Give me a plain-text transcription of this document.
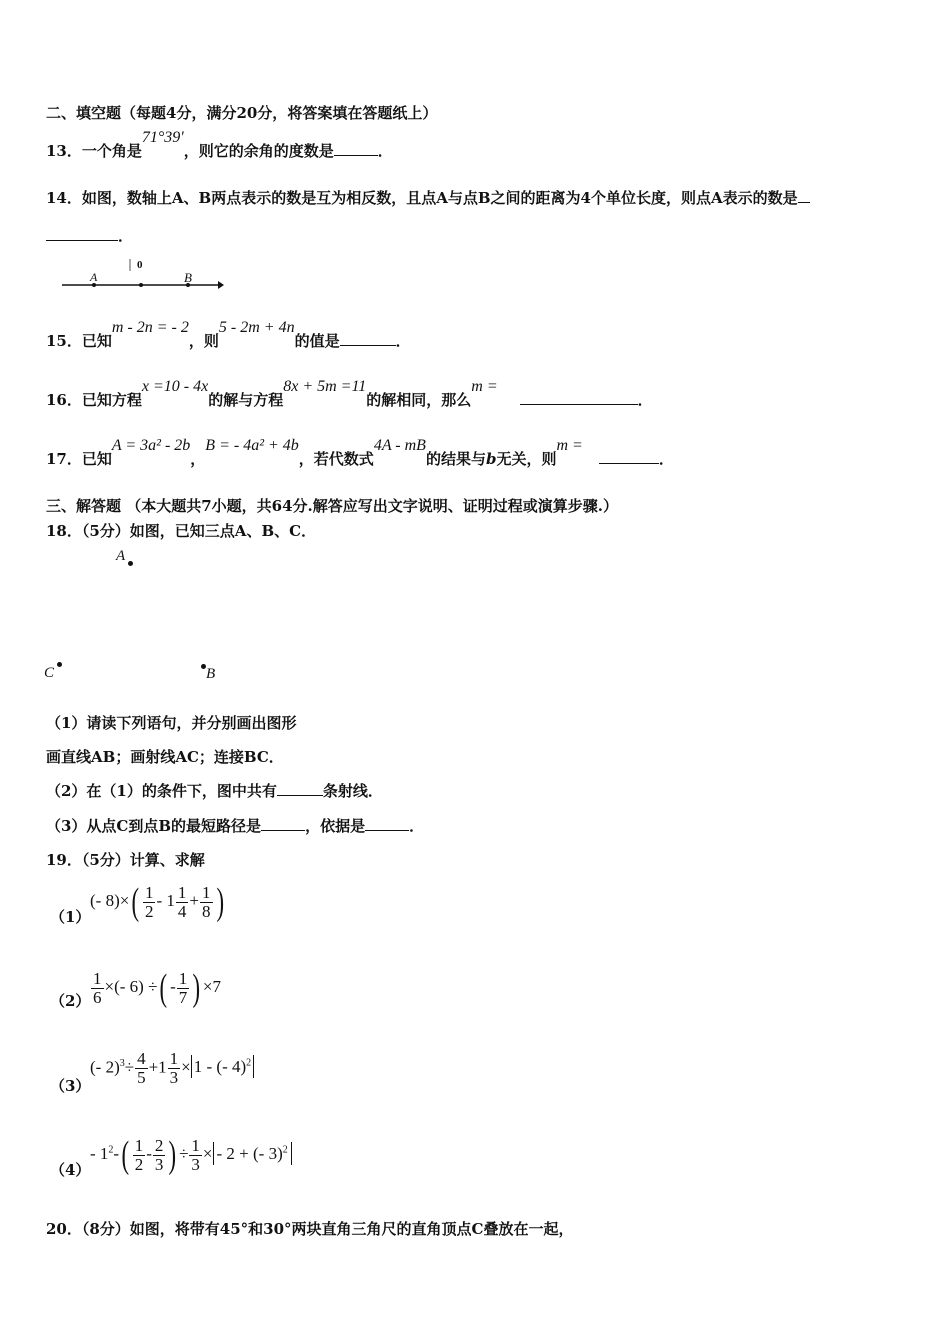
二、填空题（每题4分，满分20分，将答案填在答题纸上）
13．一个角是71°39′，则它的余角的度数是	．
14．如图，数轴上A、B两点表示的数是互为相反数，且点A与点B之间的距离为4个单位长度，则点A表示的数是
．
0
A	B
15．已知m - 2n = - 2，则5 - 2m + 4n的值是	．
16．已知方程x =10 - 4x的解与方程8x + 5m =11的解相同，那么m =．
17．已知A = 3a² - 2b，B = - 4a² + 4b，若代数式4A - mB的结果与b无关，则m =．
三、解答题 （本大题共7小题，共64分.解答应写出文字说明、证明过程或演算步骤.）
18．（5分）如图，已知三点A、B、C．
A
C	B
（1）请读下列语句，并分别画出图形
画直线AB；画射线AC；连接BC．
（2）在（1）的条件下，图中共有	条射线．
（3）从点C到点B的最短路径是	，依据是	．
19．（5分）计算、求解
（1）
(- $8)\times( \frac{1}{2} - 1 \frac{1}{4} + \frac{1}{8}$ )
$(2) \frac{1}{6}$ ×(- 6) ÷( - $\frac{1}{7}$ ) ×7
（3）
(- $2)^3\div \frac{4}{5} +1 \frac{1}{3} \times 1$ - (- 4)$^2$
（4）
- $1^2-( \frac{1}{2} - \frac{2}{3}$ ) ÷ $\frac{1}{3}$ × - 2 + (- 3)$^2$
20．（8分）如图，将带有45°和30°两块直角三角尺的直角顶点C叠放在一起，
